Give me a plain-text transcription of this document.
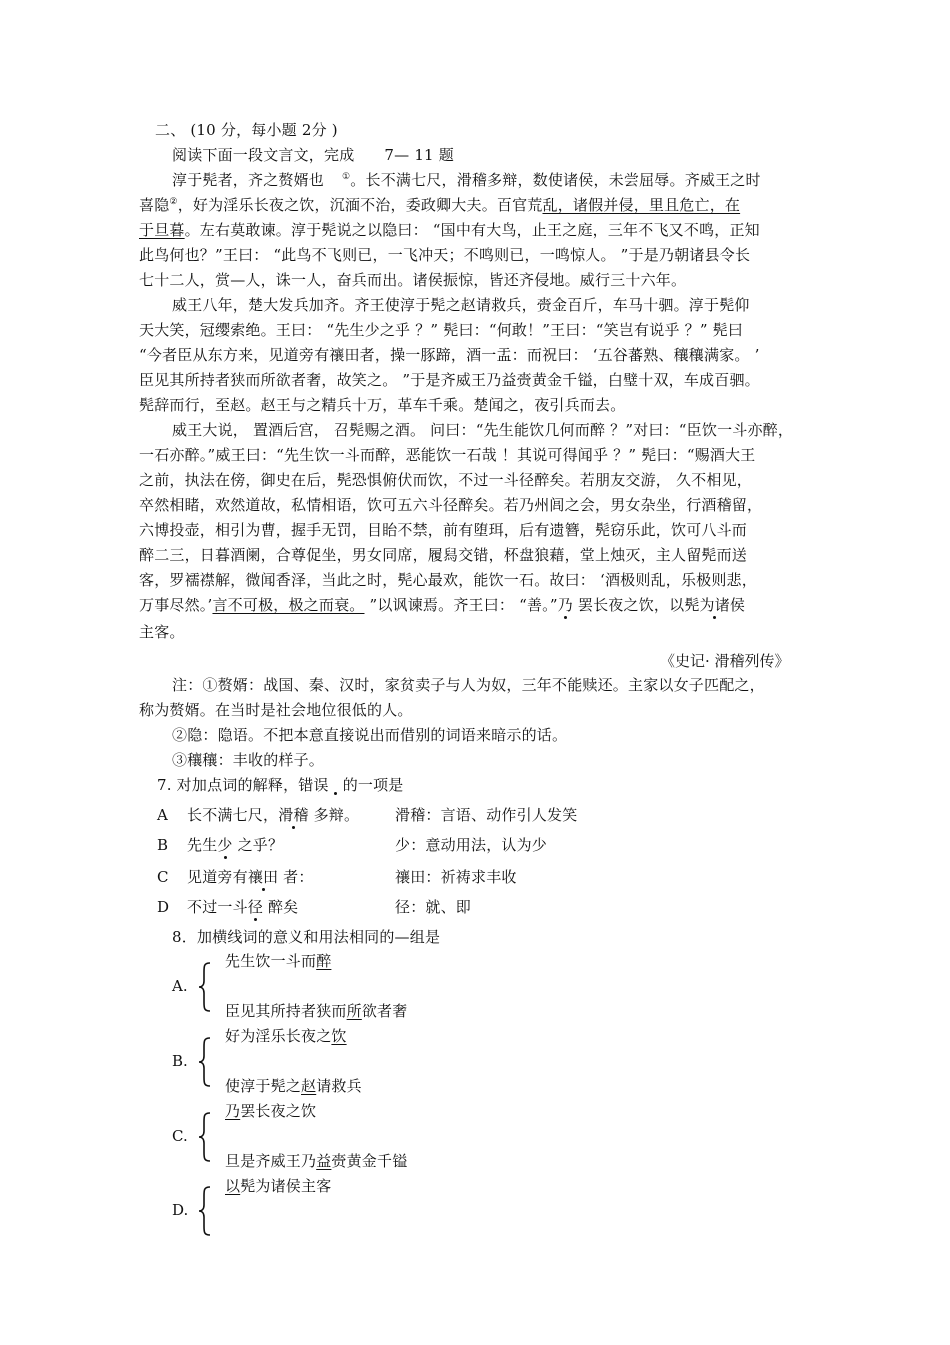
二、 (10 分，每小题 2分 )
阅读下面一段文言文，完成 7— 11 题
淳于髡者，齐之赘婿也 ①。长不满七尺，滑稽多辩，数使诸侯，未尝屈辱。齐威王之时
喜隐②，好为淫乐长夜之饮，沉湎不治，委政卿大夫。百官荒乱，诸假并侵，里且危亡，在
于旦暮。左右莫敢谏。淳于髡说之以隐曰： “国中有大鸟，止王之庭，三年不飞又不鸣，正知
此鸟何也？”王曰： “此鸟不飞则已，一飞冲天；不鸣则已，一鸣惊人。 ”于是乃朝诸县令长
七十二人，赏—人，诛一人，奋兵而出。诸侯振惊，皆还齐侵地。威行三十六年。
威王八年，楚大发兵加齐。齐王使淳于髡之赵请救兵，赍金百斤，车马十驷。淳于髡仰
天大笑，冠缨索绝。王曰： “先生少之乎 ？” 髡曰：“何敢！”王曰：“笑岂有说乎 ？” 髡曰
“今者臣从东方来，见道旁有禳田者，操一豚蹄，酒一盂：而祝曰： ‘五谷蕃熟、穰穰满家。 ’
臣见其所持者狭而所欲者奢，故笑之。 ”于是齐威王乃益赍黄金千镒，白璧十双，车成百驷。
髡辞而行，至赵。赵王与之精兵十万，革车千乘。楚闻之，夜引兵而去。
威王大说， 置酒后宫， 召髡赐之酒。 问曰：“先生能饮几何而醉 ？”对曰：“臣饮一斗亦醉，
一石亦醉。”威王曰：“先生饮一斗而醉，恶能饮一石哉 ！其说可得闻乎 ？” 髡曰：“赐酒大王
之前，执法在傍，御史在后，髡恐惧俯伏而饮，不过一斗径醉矣。若朋友交游， 久不相见，
卒然相睹，欢然道故，私情相语，饮可五六斗径醉矣。若乃州闾之会，男女杂坐，行酒稽留，
六博投壶，相引为曹，握手无罚，目眙不禁，前有堕珥，后有遗簪，髡窃乐此，饮可八斗而
醉二三，日暮酒阑，合尊促坐，男女同席，履舄交错，杯盘狼藉，堂上烛灭，主人留髡而送
客，罗襦襟解，微闻香泽，当此之时，髡心最欢，能饮一石。故曰： ‘酒极则乱，乐极则悲，
万事尽然。’言不可极，极之而衰。 ”以讽谏焉。齐王曰： “善。”乃 罢长夜之饮，以髡为诸侯
主客。
《史记· 滑稽列传》
注：①赘婿：战国、秦、汉时，家贫卖子与人为奴，三年不能赎还。主家以女子匹配之，
称为赘婿。在当时是社会地位很低的人。
②隐：隐语。不把本意直接说出而借别的词语来暗示的话。
③穰穰：丰收的样子。
7. 对加点词的解释，错误 的一项是
A 长不满七尺，滑稽 多辩。 滑稽：言语、动作引人发笑
B 先生少 之乎？	少：意动用法，认为少
C 见道旁有禳田 者：	禳田：祈祷求丰收
D 不过一斗径 醉矣	径：就、即
8．加横线词的意义和用法相同的—组是
先生饮一斗而醉
A.
臣见其所持者狭而所欲者奢
好为淫乐长夜之饮
B.
使淳于髡之赵请救兵
乃罢长夜之饮
C.
旦是齐威王乃益赍黄金千镒
以髡为诸侯主客
D.
